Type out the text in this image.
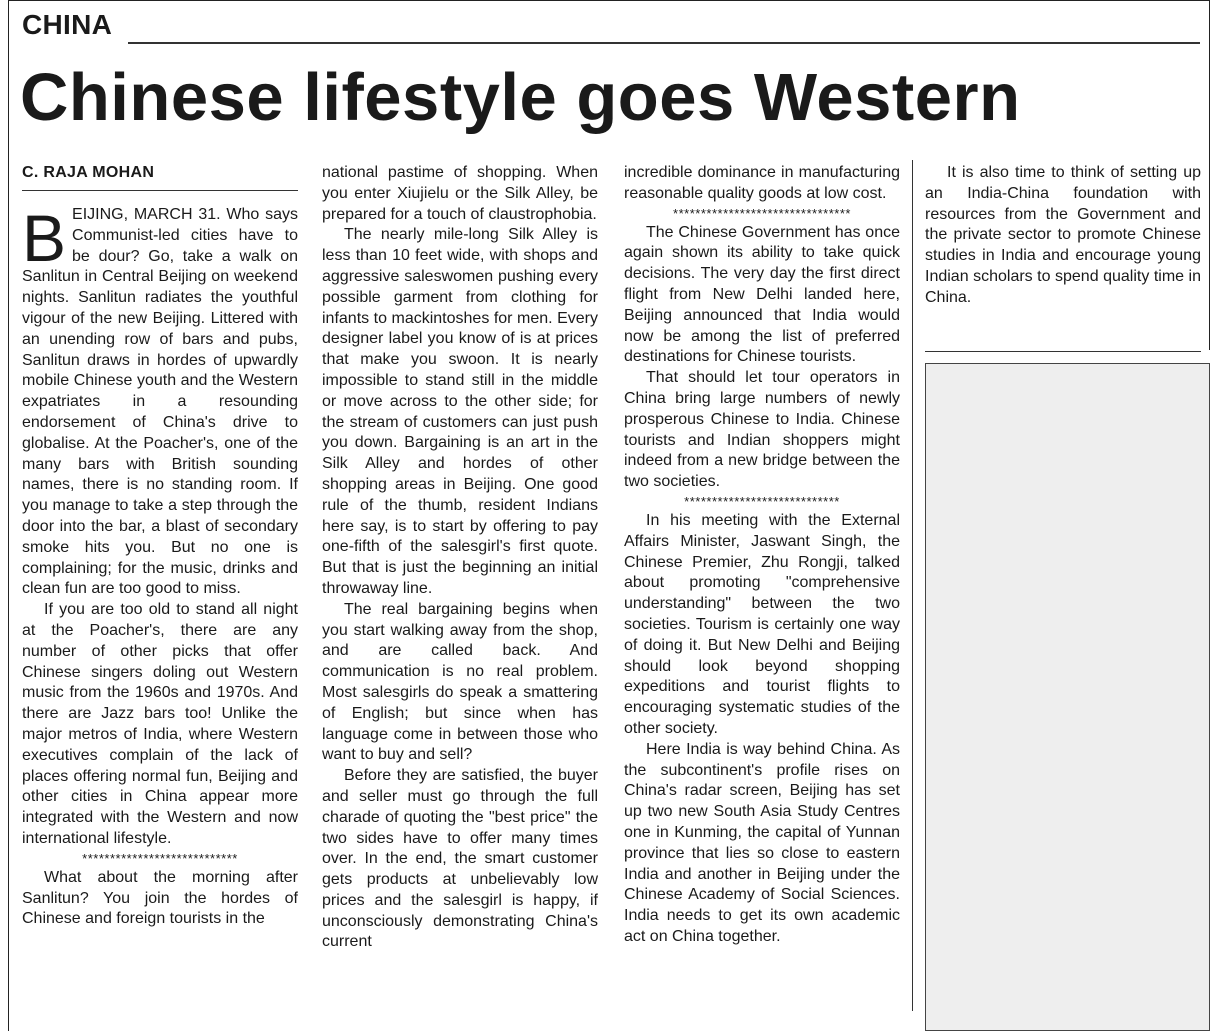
CHINA
Chinese lifestyle goes Western
C. RAJA MOHAN
B EIJING, MARCH 31. Who says Communist-led cities have to be dour? Go, take a walk on Sanlitun in Central Beijing on weekend nights. Sanlitun radiates the youthful vigour of the new Beijing. Littered with an unending row of bars and pubs, Sanlitun draws in hordes of upwardly mobile Chinese youth and the Western expatriates in a resounding endorsement of China's drive to globalise. At the Poacher's, one of the many bars with British sounding names, there is no standing room. If you manage to take a step through the door into the bar, a blast of secondary smoke hits you. But no one is complaining; for the music, drinks and clean fun are too good to miss.

If you are too old to stand all night at the Poacher's, there are any number of other picks that offer Chinese singers doling out Western music from the 1960s and 1970s. And there are Jazz bars too! Unlike the major metros of India, where Western executives complain of the lack of places offering normal fun, Beijing and other cities in China appear more integrated with the Western and now international lifestyle.

****************************

What about the morning after Sanlitun? You join the hordes of Chinese and foreign tourists in the

national pastime of shopping. When you enter Xiujielu or the Silk Alley, be prepared for a touch of claustrophobia.

The nearly mile-long Silk Alley is less than 10 feet wide, with shops and aggressive saleswomen pushing every possible garment from clothing for infants to mackintoshes for men. Every designer label you know of is at prices that make you swoon. It is nearly impossible to stand still in the middle or move across to the other side; for the stream of customers can just push you down. Bargaining is an art in the Silk Alley and hordes of other shopping areas in Beijing. One good rule of the thumb, resident Indians here say, is to start by offering to pay one-fifth of the salesgirl's first quote. But that is just the beginning an initial throwaway line.

The real bargaining begins when you start walking away from the shop, and are called back. And communication is no real problem. Most salesgirls do speak a smattering of English; but since when has language come in between those who want to buy and sell?

Before they are satisfied, the buyer and seller must go through the full charade of quoting the "best price" the two sides have to offer many times over. In the end, the smart customer gets products at unbelievably low prices and the salesgirl is happy, if unconsciously demonstrating China's current

incredible dominance in manufacturing reasonable quality goods at low cost.

********************************

The Chinese Government has once again shown its ability to take quick decisions. The very day the first direct flight from New Delhi landed here, Beijing announced that India would now be among the list of preferred destinations for Chinese tourists.

That should let tour operators in China bring large numbers of newly prosperous Chinese to India. Chinese tourists and Indian shoppers might indeed from a new bridge between the two societies.

****************************

In his meeting with the External Affairs Minister, Jaswant Singh, the Chinese Premier, Zhu Rongji, talked about promoting "comprehensive understanding" between the two societies. Tourism is certainly one way of doing it. But New Delhi and Beijing should look beyond shopping expeditions and tourist flights to encouraging systematic studies of the other society.

Here India is way behind China. As the subcontinent's profile rises on China's radar screen, Beijing has set up two new South Asia Study Centres one in Kunming, the capital of Yunnan province that lies so close to eastern India and another in Beijing under the Chinese Academy of Social Sciences. India needs to get its own academic act on China together.

It is also time to think of setting up an India-China foundation with resources from the Government and the private sector to promote Chinese studies in India and encourage young Indian scholars to spend quality time in China.
